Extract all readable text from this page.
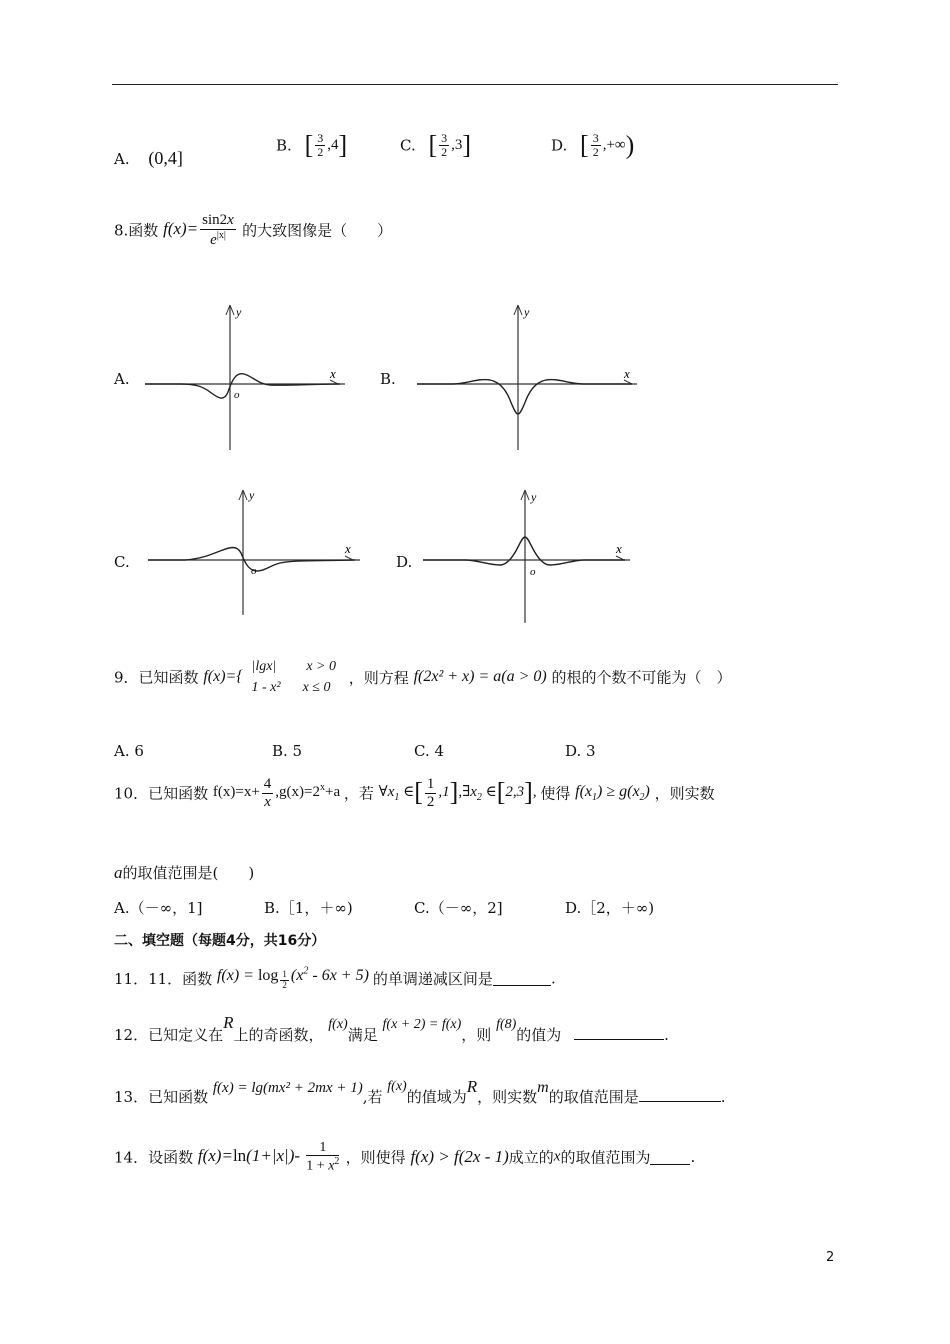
A. (0,4]
B. [ $\frac{3}{2} ,4$]	C. [ $\frac{3}{2} ,3$]	D. [ $\frac{3}{2}$ ,+∞)
8.函数 $f(x)= \frac{\sin 2x}{e^{|x|}}$ 的大致图像是（　　）
A.	x
y
o
B.	x
y
C.
x
y
o	D.
x
y
o
9．已知函数 f(x)={
|lgx| x > 0
1 - x² x ≤ 0
，则方程 f(2x² + x) = a(a > 0) 的根的个数不可能为（　）
A. 6	B. 5	C. 4	D. 3
10．已知函数 $f(x)=x+ \frac{4}{x} ,g(x)=2^x+a$ ，若 $\forall x_1$ ∈[ $\frac{1}{2}$ $,1],\exists x_2$ ∈[2,3], 使得 $f(x_1) \ge g(x_2)$ ，则实数
a的取值范围是(　　)
A.（－∞，1]	B.［1，＋∞)	C.（－∞，2]	D.［2，＋∞)
二、填空题（每题4分，共16分）
11．11．函数 $f(x) = \log \frac{1}{2} (x^2 - 6x + 5)$ 的单调递减区间是	.
12．已知定义在R上的奇函数， f(x)满足 f(x + 2) = f(x)，则 f(8)的值为	.
13．已知函数 f(x) = lg(mx² + 2mx + 1),若 f(x)的值域为R，则实数m的取值范围是	.
14．设函数 $f(x)=\ln(1+|x|)- \frac{1}{1 + x^2}$ ，则使得 f(x) > f(2x - 1)成立的x的取值范围为	.
2
